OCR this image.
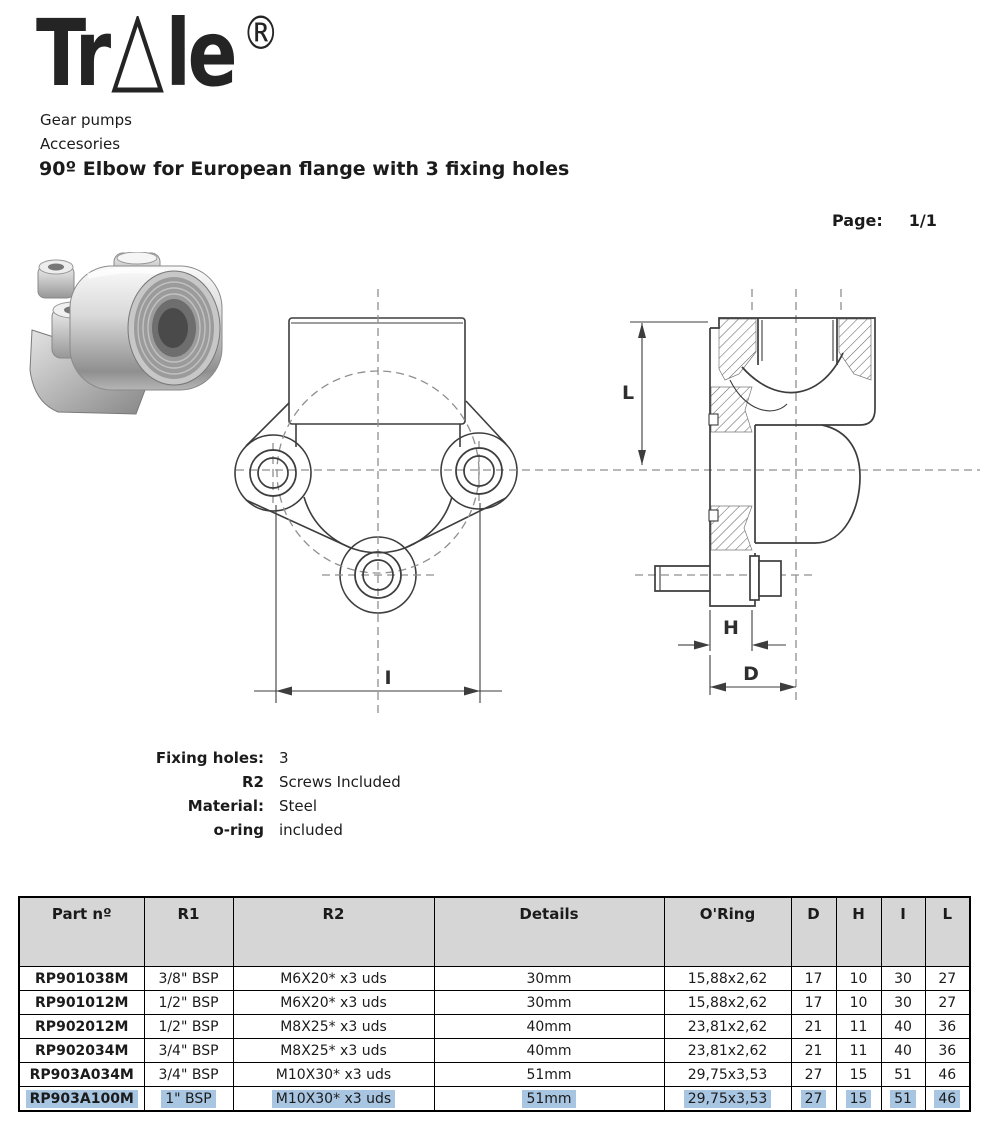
Tr le ®
Gear pumps
Accesories
90º Elbow for European flange with 3 fixing holes
Page: 1/1
I
L
H
D
Fixing holes: 3
R2 Screws Included
Material: Steel
o-ring included
Part nº	R1	R2	Details	O'Ring	D	H	I	L
RP901038M	3/8" BSP	M6X20* x3 uds	30mm	15,88x2,62	17	10	30	27
RP901012M	1/2" BSP	M6X20* x3 uds	30mm	15,88x2,62	17	10	30	27
RP902012M	1/2" BSP	M8X25* x3 uds	40mm	23,81x2,62	21	11	40	36
RP902034M	3/4" BSP	M8X25* x3 uds	40mm	23,81x2,62	21	11	40	36
RP903A034M	3/4" BSP	M10X30* x3 uds	51mm	29,75x3,53	27	15	51	46
RP903A100M	1" BSP	M10X30* x3 uds	51mm	29,75x3,53	27	15	51	46
